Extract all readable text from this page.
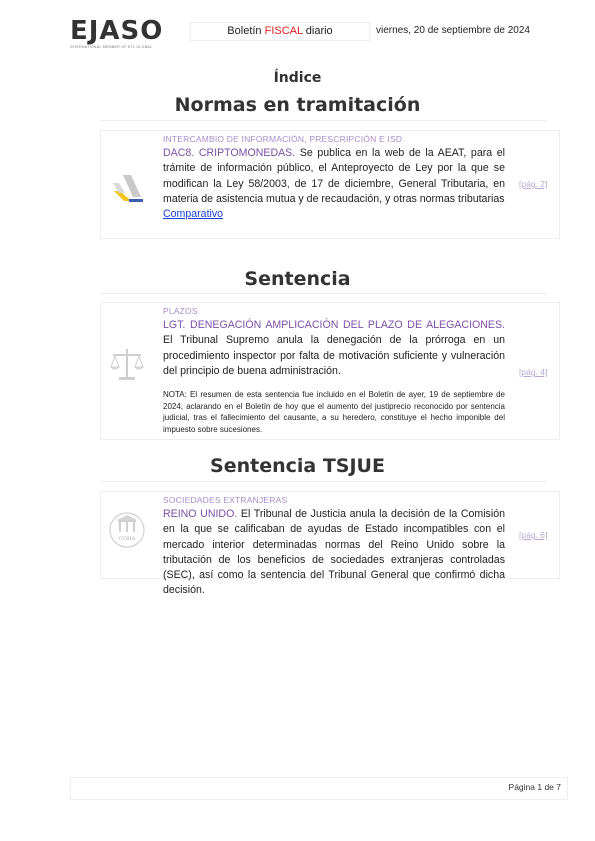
EJASO
INTERNATIONAL MEMBER OF ETL GLOBAL
Boletín FISCAL diario	viernes, 20 de septiembre de 2024
Índice
Normas en tramitación
INTERCAMBIO DE INFORMACIÓN, PRESCRIPCIÓN E ISD
DAC8. CRIPTOMONEDAS. Se publica en la web de la AEAT, para el trámite de información público, el Anteproyecto de Ley por la que se modifican la Ley 58/2003, de 17 de diciembre, General Tributaria, en materia de asistencia mutua y de recaudación, y otras normas tributarias
Comparativo
[pág. 2]
Sentencia
PLAZOS
LGT. DENEGACIÓN AMPLICACIÓN DEL PLAZO DE ALEGACIONES. El Tribunal Supremo anula la denegación de la prórroga en un procedimiento inspector por falta de motivación suficiente y vulneración del principio de buena administración.
NOTA: El resumen de esta sentencia fue incluido en el Boletín de ayer, 19 de septiembre de 2024, aclarando en el Boletín de hoy que el aumento del justiprecio reconocido por sentencia judicial, tras el fallecimiento del causante, a su heredero, constituye el hecho imponible del impuesto sobre sucesiones.
[pág. 4]
Sentencia TSJUE
CVRIA
SOCIEDADES EXTRANJERAS
REINO UNIDO. El Tribunal de Justicia anula la decisión de la Comisión en la que se calificaban de ayudas de Estado incompatibles con el mercado interior determinadas normas del Reino Unido sobre la tributación de los beneficios de sociedades extranjeras controladas (SEC), así como la sentencia del Tribunal General que confirmó dicha decisión.
[pág. 6]
Página 1 de 7
